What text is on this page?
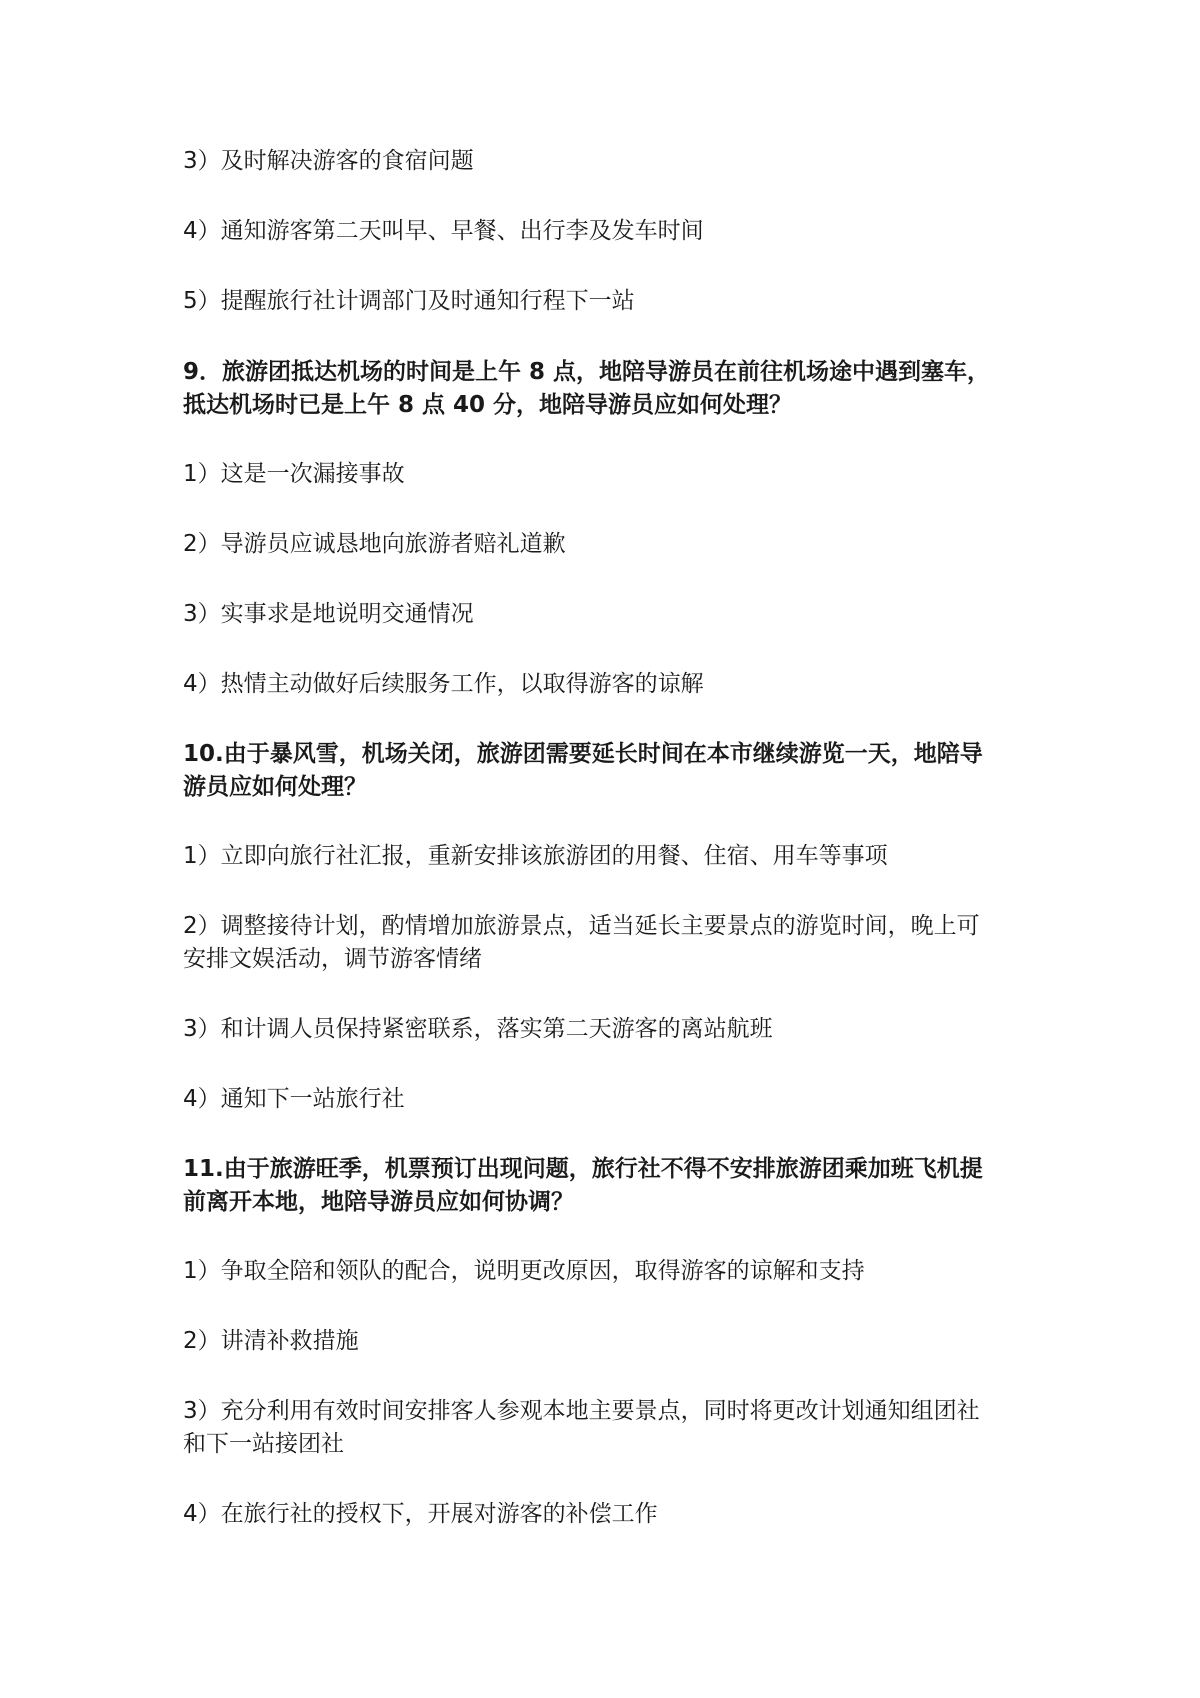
3）及时解决游客的食宿问题
4）通知游客第二天叫早、早餐、出行李及发车时间
5）提醒旅行社计调部门及时通知行程下一站
9．旅游团抵达机场的时间是上午 8 点，地陪导游员在前往机场途中遇到塞车，
抵达机场时已是上午 8 点 40 分，地陪导游员应如何处理？
1）这是一次漏接事故
2）导游员应诚恳地向旅游者赔礼道歉
3）实事求是地说明交通情况
4）热情主动做好后续服务工作，以取得游客的谅解
10.由于暴风雪，机场关闭，旅游团需要延长时间在本市继续游览一天，地陪导
游员应如何处理？
1）立即向旅行社汇报，重新安排该旅游团的用餐、住宿、用车等事项
2）调整接待计划，酌情增加旅游景点，适当延长主要景点的游览时间，晚上可
安排文娱活动，调节游客情绪
3）和计调人员保持紧密联系，落实第二天游客的离站航班
4）通知下一站旅行社
11.由于旅游旺季，机票预订出现问题，旅行社不得不安排旅游团乘加班飞机提
前离开本地，地陪导游员应如何协调？
1）争取全陪和领队的配合，说明更改原因，取得游客的谅解和支持
2）讲清补救措施
3）充分利用有效时间安排客人参观本地主要景点，同时将更改计划通知组团社
和下一站接团社
4）在旅行社的授权下，开展对游客的补偿工作
